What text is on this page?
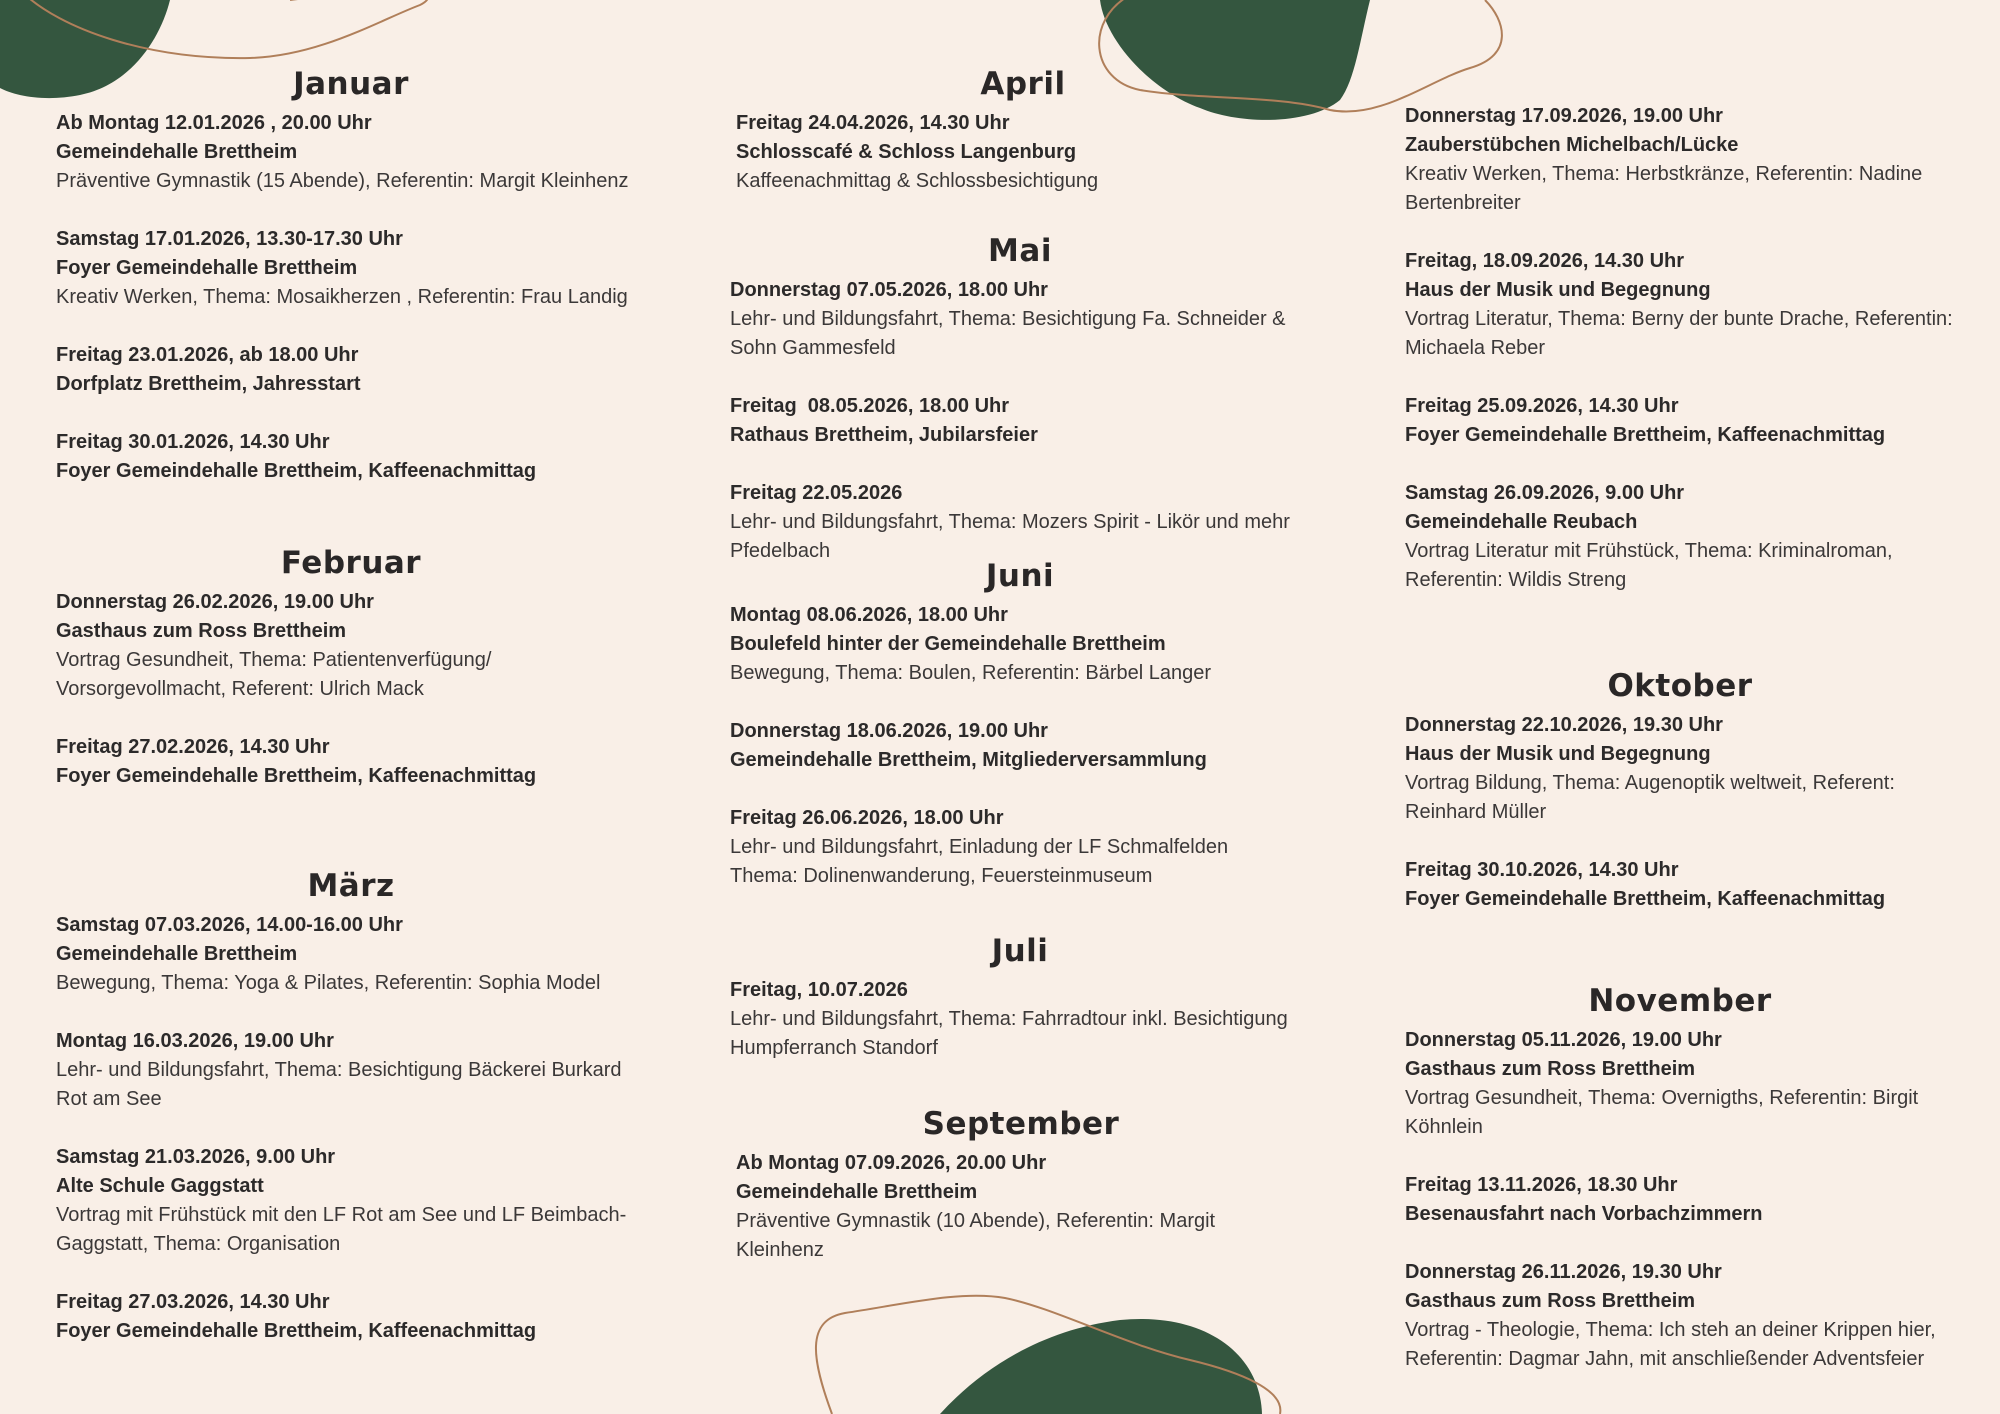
Januar
Ab Montag 12.01.2026 , 20.00 Uhr
Gemeindehalle Brettheim
Präventive Gymnastik (15 Abende), Referentin: Margit Kleinhenz
Samstag 17.01.2026, 13.30-17.30 Uhr
Foyer Gemeindehalle Brettheim
Kreativ Werken, Thema: Mosaikherzen , Referentin: Frau Landig
Freitag 23.01.2026, ab 18.00 Uhr
Dorfplatz Brettheim, Jahresstart
Freitag 30.01.2026, 14.30 Uhr
Foyer Gemeindehalle Brettheim, Kaffeenachmittag
Februar
Donnerstag 26.02.2026, 19.00 Uhr
Gasthaus zum Ross Brettheim
Vortrag Gesundheit, Thema: Patientenverfügung/ Vorsorgevollmacht, Referent: Ulrich Mack
Freitag 27.02.2026, 14.30 Uhr
Foyer Gemeindehalle Brettheim, Kaffeenachmittag
März
Samstag 07.03.2026, 14.00-16.00 Uhr
Gemeindehalle Brettheim
Bewegung, Thema: Yoga & Pilates, Referentin: Sophia Model
Montag 16.03.2026, 19.00 Uhr
Lehr- und Bildungsfahrt, Thema: Besichtigung Bäckerei Burkard Rot am See
Samstag 21.03.2026, 9.00 Uhr
Alte Schule Gaggstatt
Vortrag mit Frühstück mit den LF Rot am See und LF Beimbach-Gaggstatt, Thema: Organisation
Freitag 27.03.2026, 14.30 Uhr
Foyer Gemeindehalle Brettheim, Kaffeenachmittag
April
Freitag 24.04.2026, 14.30 Uhr
Schlosscafé & Schloss Langenburg
Kaffeenachmittag & Schlossbesichtigung
Mai
Donnerstag 07.05.2026, 18.00 Uhr
Lehr- und Bildungsfahrt, Thema: Besichtigung Fa. Schneider & Sohn Gammesfeld
Freitag  08.05.2026, 18.00 Uhr
Rathaus Brettheim, Jubilarsfeier
Freitag 22.05.2026
Lehr- und Bildungsfahrt, Thema: Mozers Spirit - Likör und mehr Pfedelbach
Juni
Montag 08.06.2026, 18.00 Uhr
Boulefeld hinter der Gemeindehalle Brettheim
Bewegung, Thema: Boulen, Referentin: Bärbel Langer
Donnerstag 18.06.2026, 19.00 Uhr
Gemeindehalle Brettheim, Mitgliederversammlung
Freitag 26.06.2026, 18.00 Uhr
Lehr- und Bildungsfahrt, Einladung der LF Schmalfelden Thema: Dolinenwanderung, Feuersteinmuseum
Juli
Freitag, 10.07.2026
Lehr- und Bildungsfahrt, Thema: Fahrradtour inkl. Besichtigung Humpferranch Standorf
September
Ab Montag 07.09.2026, 20.00 Uhr
Gemeindehalle Brettheim
Präventive Gymnastik (10 Abende), Referentin: Margit Kleinhenz
Donnerstag 17.09.2026, 19.00 Uhr
Zauberstübchen Michelbach/Lücke
Kreativ Werken, Thema: Herbstkränze, Referentin: Nadine Bertenbreiter
Freitag, 18.09.2026, 14.30 Uhr
Haus der Musik und Begegnung
Vortrag Literatur, Thema: Berny der bunte Drache, Referentin: Michaela Reber
Freitag 25.09.2026, 14.30 Uhr
Foyer Gemeindehalle Brettheim, Kaffeenachmittag
Samstag 26.09.2026, 9.00 Uhr
Gemeindehalle Reubach
Vortrag Literatur mit Frühstück, Thema: Kriminalroman, Referentin: Wildis Streng
Oktober
Donnerstag 22.10.2026, 19.30 Uhr
Haus der Musik und Begegnung
Vortrag Bildung, Thema: Augenoptik weltweit, Referent: Reinhard Müller
Freitag 30.10.2026, 14.30 Uhr
Foyer Gemeindehalle Brettheim, Kaffeenachmittag
November
Donnerstag 05.11.2026, 19.00 Uhr
Gasthaus zum Ross Brettheim
Vortrag Gesundheit, Thema: Overnigths, Referentin: Birgit Köhnlein
Freitag 13.11.2026, 18.30 Uhr
Besenausfahrt nach Vorbachzimmern
Donnerstag 26.11.2026, 19.30 Uhr
Gasthaus zum Ross Brettheim
Vortrag - Theologie, Thema: Ich steh an deiner Krippen hier, Referentin: Dagmar Jahn, mit anschließender Adventsfeier
